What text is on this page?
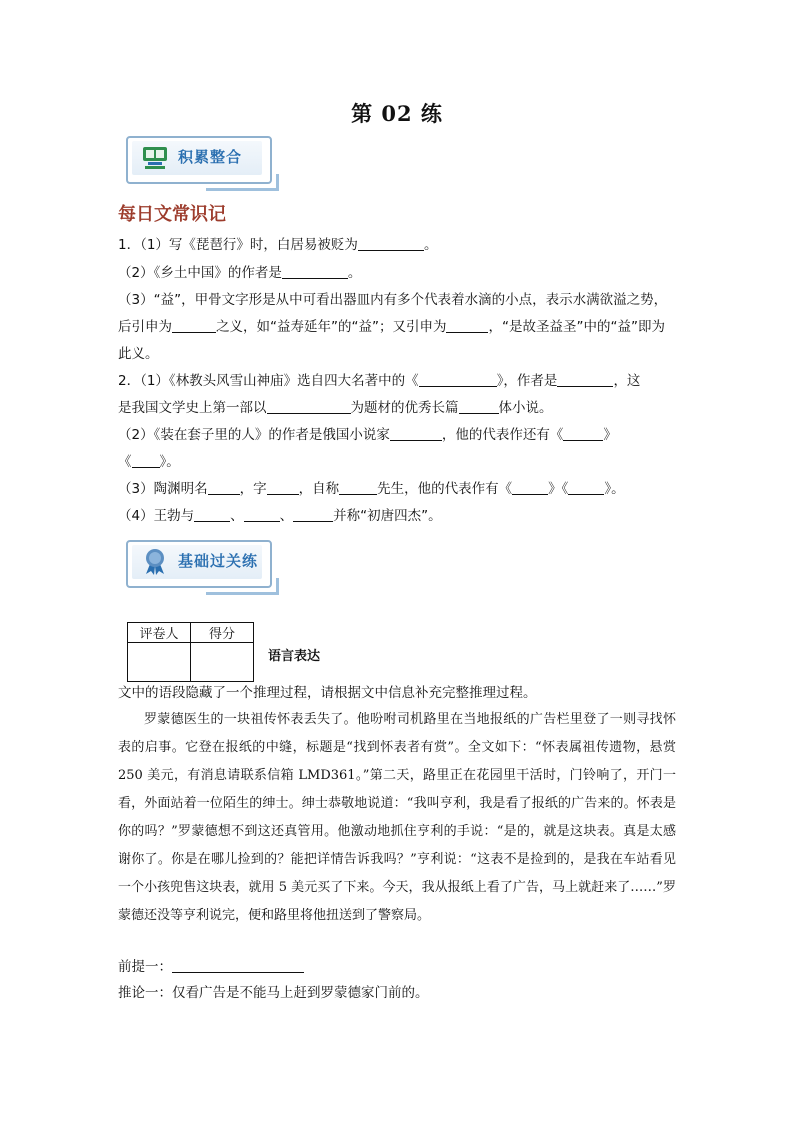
第 02 练
积累整合
每日文常识记
1．（1）写《琵琶行》时，白居易被贬为	。
（2）《乡土中国》的作者是	。
（3）“益”，甲骨文字形是从中可看出器皿内有多个代表着水滴的小点，表示水满欲溢之势，
后引申为	之义，如“益寿延年”的“益”；又引申为	，“是故圣益圣”中的“益”即为
此义。
2．（1）《林教头风雪山神庙》选自四大名著中的《	》，作者是	，这
是我国文学史上第一部以	为题材的优秀长篇	体小说。
（2）《装在套子里的人》的作者是俄国小说家	，他的代表作还有《	》
《 》。
（3）陶渊明名 ，字 ，自称	先生，他的代表作有《	》《	》。
（4）王勃与	、	、	并称“初唐四杰”。
基础过关练
评卷人	得分

语言表达
文中的语段隐藏了一个推理过程，请根据文中信息补充完整推理过程。
罗蒙德医生的一块祖传怀表丢失了。他吩咐司机路里在当地报纸的广告栏里登了一则寻找怀表的启事。它登在报纸的中缝，标题是“找到怀表者有赏”。全文如下：“怀表属祖传遗物，悬赏 250 美元，有消息请联系信箱 LMD361。”第二天，路里正在花园里干活时，门铃响了，开门一看，外面站着一位陌生的绅士。绅士恭敬地说道：“我叫亨利，我是看了报纸的广告来的。怀表是你的吗？”罗蒙德想不到这还真管用。他激动地抓住亨利的手说：“是的，就是这块表。真是太感谢你了。你是在哪儿捡到的？能把详情告诉我吗？”亨利说：“这表不是捡到的，是我在车站看见一个小孩兜售这块表，就用 5 美元买了下来。今天，我从报纸上看了广告，马上就赶来了……”罗蒙德还没等亨利说完，便和路里将他扭送到了警察局。
前提一：
推论一：仅看广告是不能马上赶到罗蒙德家门前的。
